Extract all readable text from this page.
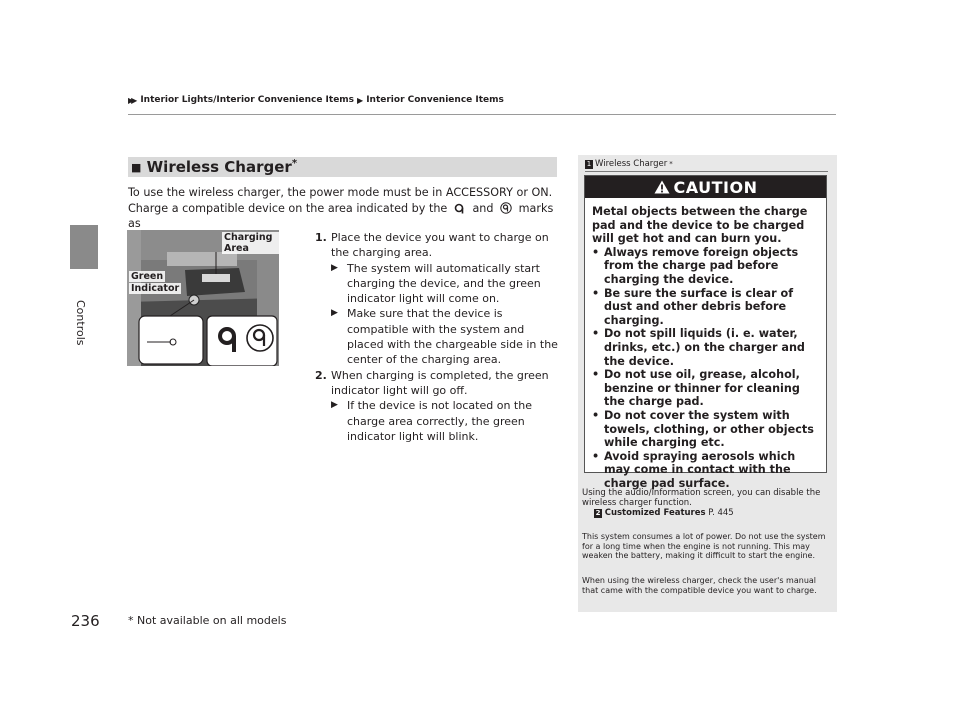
▶▶ Interior Lights/Interior Convenience Items ▶ Interior Convenience Items
Controls
236
■ Wireless Charger*
To use the wireless charger, the power mode must be in ACCESSORY or ON.
Charge a compatible device on the area indicated by the and marks as
Charging Area
Green
Indicator
1. Place the device you want to charge on the charging area.
▶ The system will automatically start charging the device, and the green indicator light will come on.
▶ Make sure that the device is compatible with the system and placed with the chargeable side in the center of the charging area.
2. When charging is completed, the green indicator light will go off.
▶ If the device is not located on the charge area correctly, the green indicator light will blink.
1 Wireless Charger *
CAUTION
Metal objects between the charge pad and the device to be charged will get hot and can burn you.
• Always remove foreign objects from the charge pad before charging the device.
• Be sure the surface is clear of dust and other debris before charging.
• Do not spill liquids (i. e. water, drinks, etc.) on the charger and the device.
• Do not use oil, grease, alcohol, benzine or thinner for cleaning the charge pad.
• Do not cover the system with towels, clothing, or other objects while charging etc.
• Avoid spraying aerosols which may come in contact with the charge pad surface.
Using the audio/information screen, you can disable the wireless charger function.
2 Customized Features P. 445
This system consumes a lot of power. Do not use the system for a long time when the engine is not running. This may weaken the battery, making it difficult to start the engine.
When using the wireless charger, check the user's manual that came with the compatible device you want to charge.
* Not available on all models
